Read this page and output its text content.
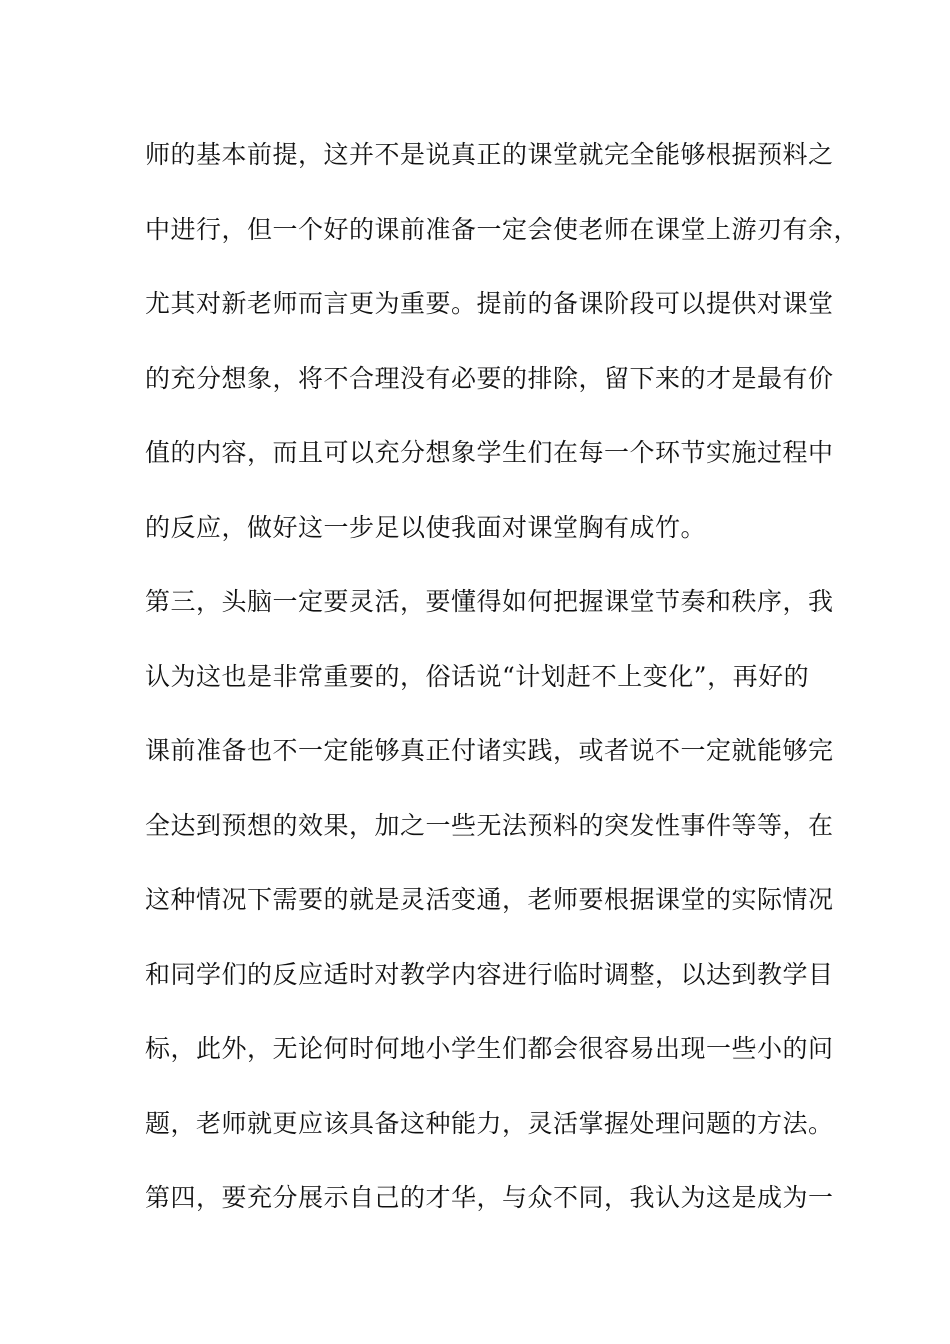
师的基本前提，这并不是说真正的课堂就完全能够根据预料之
中进行，但一个好的课前准备一定会使老师在课堂上游刃有余，
尤其对新老师而言更为重要。提前的备课阶段可以提供对课堂
的充分想象，将不合理没有必要的排除，留下来的才是最有价
值的内容，而且可以充分想象学生们在每一个环节实施过程中
的反应，做好这一步足以使我面对课堂胸有成竹。
第三，头脑一定要灵活，要懂得如何把握课堂节奏和秩序，我
认为这也是非常重要的，俗话说“计划赶不上变化”，再好的
课前准备也不一定能够真正付诸实践，或者说不一定就能够完
全达到预想的效果，加之一些无法预料的突发性事件等等，在
这种情况下需要的就是灵活变通，老师要根据课堂的实际情况
和同学们的反应适时对教学内容进行临时调整，以达到教学目
标，此外，无论何时何地小学生们都会很容易出现一些小的问
题，老师就更应该具备这种能力，灵活掌握处理问题的方法。
第四，要充分展示自己的才华，与众不同，我认为这是成为一
